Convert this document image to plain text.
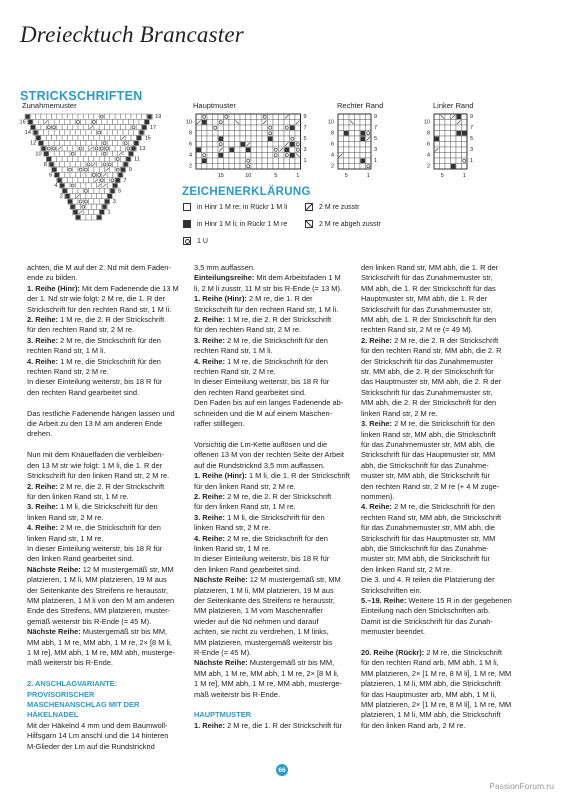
Dreiecktuch Brancaster
STRICKSCHRIFTEN
Zunahmemuster
19
17
15
13
11
9
7
5
3
1
16
14
12
10
8
6
4
2
Hauptmuster
10
8
6
4
2
9
7
5
3
1
15	10	5	1
Rechter Rand
10
8
6
4
2
9
7
5
3
1
5	1
Linker Rand
10
8
6
4
2
9
7
5
3
1
5	1
ZEICHENERKLÄRUNG
in Hinr 1 M re; in Rückr 1 M li
in Hinr 1 M li; in Rückr 1 M re
1 U
2 M re zusstr
2 M re abgeh zusstr

achten, die M auf der 2. Nd mit dem Faden-

ende zu bilden.

1. Reihe (Hinr): Mit dem Fadenende die 13 M

der 1. Nd str wie folgt: 2 M re, die 1. R der

Strickschrift für den rechten Rand str, 1 M li.

2. Reihe: 1 M re, die 2. R der Strickschrift

für den rechten Rand str, 2 M re.

3. Reihe: 2 M re, die Strickschrift für den

rechten Rand str, 1 M li.

4. Reihe: 1 M re, die Strickschrift für den

rechten Rand str, 2 M re.

In dieser Einteilung weiterstr, bis 18 R für

den rechten Rand gearbeitet sind.

Das restliche Fadenende hängen lassen und

die Arbeit zu den 13 M am anderen Ende

drehen.

Nun mit dem Knäuelfaden die verbleiben-

den 13 M str wie folgt: 1 M li, die 1. R der

Strickschrift für den linken Rand str, 2 M re.

2. Reihe: 2 M re, die 2. R der Strickschrift

für den linken Rand str, 1 M re.

3. Reihe: 1 M li, die Strickschrift für den

linken Rand str, 2 M re.

4. Reihe: 2 M re, die Strickschrift für den

linken Rand str, 1 M re.

In dieser Einteilung weiterstr, bis 18 R für

den linken Rand gearbeitet sind.

Nächste Reihe: 12 M mustergemäß str, MM

platzieren, 1 M li, MM platzieren, 19 M aus

der Seitenkante des Streifens re herausstr,

MM platzieren, 1 M li von den M am anderen

Ende des Streifens, MM platzieren, muster-

gemäß weiterstr bis R-Ende (= 45 M).

Nächste Reihe: Mustergemäß str bis MM,

MM abh, 1 M re, MM abh, 1 M re, 2× [8 M li,

1 M re], MM abh, 1 M re, MM abh, mustergе-

mäß weiterstr bis R-Ende.

2. ANSCHLAGVARIANTE: PROVISORISCHER

MASCHENANSCHLAG MIT DER HÄKELNADEL

Mit der Häkelnd 4 mm und dem Baumwoll-

Hilfsgarn 14 Lm anschl und die 14 hinteren

M-Glieder der Lm auf die Rundstricknd

3,5 mm auffassen.

Einteilungsreihe: Mit dem Arbeitsfaden 1 M

li, 2 M li zusstr, 11 M str bis R-Ende (= 13 M).

1. Reihe (Hinr): 2 M re, die 1. R der

Strickschrift für den rechten Rand str, 1 M li.

2. Reihe: 1 M re, die 2. R der Strickschrift

für den rechten Rand str, 2 M re.

3. Reihe: 2 M re, die Strickschrift für den

rechten Rand str, 1 M li.

4. Reihe: 1 M re, die Strickschrift für den

rechten Rand str, 2 M re.

In dieser Einteilung weiterstr, bis 18 R für

den rechten Rand gearbeitet sind.

Den Faden bis auf ein langes Fadenende ab-

schneiden und die M auf einem Maschen-

raffer stilllegen.

Vorsichtig die Lm-Kette auflösen und die

offenen 13 M von der rechten Seite der Arbeit

auf die Rundstricknd 3,5 mm auffassen.

1. Reihe (Hinr): 1 M li, die 1. R der Strickschrift

für den linken Rand str, 2 M re.

2. Reihe: 2 M re, die 2. R der Strickschrift

für den linken Rand str, 1 M re.

3. Reihe: 1 M li, die Strickschrift für den

linken Rand str, 2 M re.

4. Reihe: 2 M re, die Strickschrift für den

linken Rand str, 1 M re.

In dieser Einteilung weiterstr, bis 18 R für

den linken Rand gearbeitet sind.

Nächste Reihe: 12 M mustergemäß str, MM

platzieren, 1 M li, MM platzieren, 19 M aus

der Seitenkante des Streifens re herausstr,

MM platzieren, 1 M vom Maschenraffer

wieder auf die Nd nehmen und darauf

achten, sie nicht zu verdrehen, 1 M links,

MM platzieren, mustergemäß weiterstr bis

R-Ende (= 45 M).

Nächste Reihe: Mustergemäß str bis MM,

MM abh, 1 M re, MM abh, 1 M re, 2× [8 M li,

1 M re], MM abh, 1 M re, MM abh, mustergе-

mäß weiterstr bis R-Ende.

HAUPTMUSTER

1. Reihe: 2 M re, die 1. R der Strickschrift für

den linken Rand str, MM abh, die 1. R der

Strickschrift für das Zunahmemuster str,

MM abh, die 1. R der Strickschrift für das

Hauptmuster str, MM abh, die 1. R der

Strickschrift für das Zunahmemuster str,

MM abh, die 1. R der Strickschrift für den

rechten Rand str, 2 M re (= 49 M).

2. Reihe: 2 M re, die 2. R der Strickschrift

für den rechten Rand str, MM abh, die 2. R

der Strickschrift für das Zunahmemuster

str, MM abh, die 2. R der Strickschrift für

das Hauptmuster str, MM abh, die 2. R der

Strickschrift für das Zunahmemuster str,

MM abh, die 2. R der Strickschrift für den

linken Rand str, 2 M re.

3. Reihe: 2 M re, die Strickschrift für den

linken Rand str, MM abh, die Strickschrift

für das Zunahmemuster str, MM abh, die

Strickschrift für das Hauptmuster str, MM

abh, die Strickschrift für das Zunahme-

muster str, MM abh, die Strickschrift für

den rechten Rand str, 2 M re (+ 4 M zuge-

nommen).

4. Reihe: 2 M re, die Strickschrift für den

rechten Rand str, MM abh, die Strickschrift

für das Zunahmemuster str, MM abh, die

Strickschrift für das Hauptmuster str, MM

abh, die Strickschrift für das Zunahme-

muster str, MM abh, die Strickschrift für

den linken Rand str, 2 M re.

Die 3. und 4. R teilen die Platzierung der

Strickschriften ein.

5.–19. Reihe: Weitere 15 R in der gegebenen

Einteilung nach den Strickschriften arb.

Damit ist die Strickschrift für das Zunah-

memuster beendet.

20. Reihe (Rückr): 2 M re, die Strickschrift

für den rechten Rand arb, MM abh, 1 M li,

MM platzieren, 2× [1 M re, 8 M li], 1 M re, MM

platzieren, 1 M li, MM abh, die Strickschrift

für das Hauptmuster arb, MM abh, 1 M li,

MM platzieren, 2× [1 M re, 8 M li], 1 M re, MM

platzieren, 1 M li, MM abh, die Strickschrift

für den linken Rand arb, 2 M re.

66
PassionForum.ru
